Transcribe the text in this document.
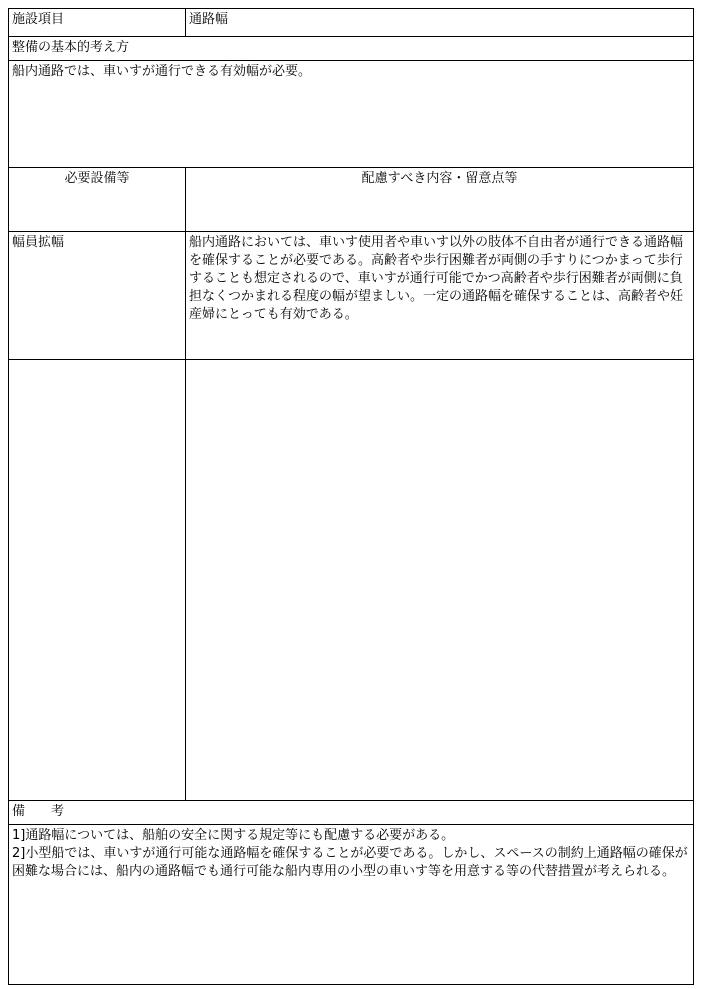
施設項目	通路幅
整備の基本的考え方
船内通路では、車いすが通行できる有効幅が必要。
必要設備等	配慮すべき内容・留意点等
幅員拡幅	船内通路においては、車いす使用者や車いす以外の肢体不自由者が通行できる通路幅を確保することが必要である。高齢者や歩行困難者が両側の手すりにつかまって歩行することも想定されるので、車いすが通行可能でかつ高齢者や歩行困難者が両側に負担なくつかまれる程度の幅が望ましい。一定の通路幅を確保することは、高齢者や妊産婦にとっても有効である。

備　　考

1]通路幅については、船舶の安全に関する規定等にも配慮する必要がある。

2]小型船では、車いすが通行可能な通路幅を確保することが必要である。しかし、スペースの制約上通路幅の確保が困難な場合には、船内の通路幅でも通行可能な船内専用の小型の車いす等を用意する等の代替措置が考えられる。
